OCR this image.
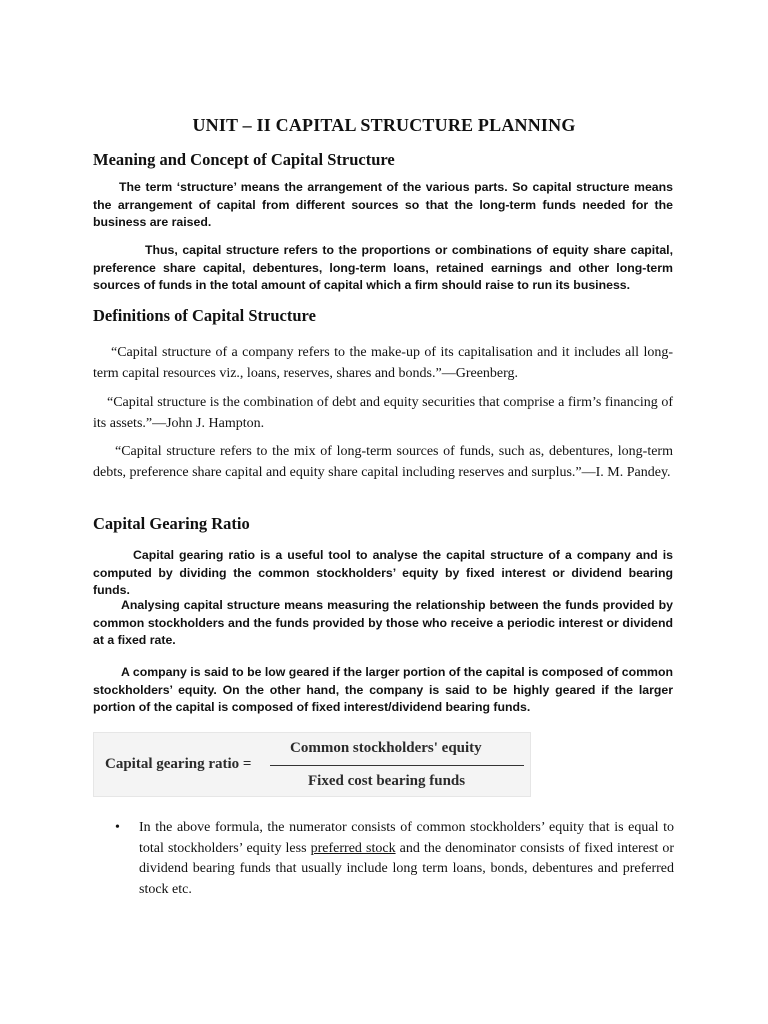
UNIT – II CAPITAL STRUCTURE PLANNING
Meaning and Concept of Capital Structure

The term ‘structure’ means the arrangement of the various parts. So capital structure means the arrangement of capital from different sources so that the long-term funds needed for the business are raised.

Thus, capital structure refers to the proportions or combinations of equity share capital, preference share capital, debentures, long-term loans, retained earnings and other long-term sources of funds in the total amount of capital which a firm should raise to run its business.

Definitions of Capital Structure

“Capital structure of a company refers to the make-up of its capitalisation and it includes all long-term capital resources viz., loans, reserves, shares and bonds.”—Greenberg.

“Capital structure is the combination of debt and equity securities that comprise a firm’s financing of its assets.”—John J. Hampton.

“Capital structure refers to the mix of long-term sources of funds, such as, debentures, long-term debts, preference share capital and equity share capital including reserves and surplus.”—I. M. Pandey.

Capital Gearing Ratio

Capital gearing ratio is a useful tool to analyse the capital structure of a company and is computed by dividing the common stockholders’ equity by fixed interest or dividend bearing funds.

Analysing capital structure means measuring the relationship between the funds provided by common stockholders and the funds provided by those who receive a periodic interest or dividend at a fixed rate.

A company is said to be low geared if the larger portion of the capital is composed of common stockholders’ equity. On the other hand, the company is said to be highly geared if the larger portion of the capital is composed of fixed interest/dividend bearing funds.

Capital gearing ratio =
Common stockholders' equity
Fixed cost bearing funds
• In the above formula, the numerator consists of common stockholders’ equity that is equal to total stockholders’ equity less preferred stock and the denominator consists of fixed interest or dividend bearing funds that usually include long term loans, bonds, debentures and preferred stock etc.
